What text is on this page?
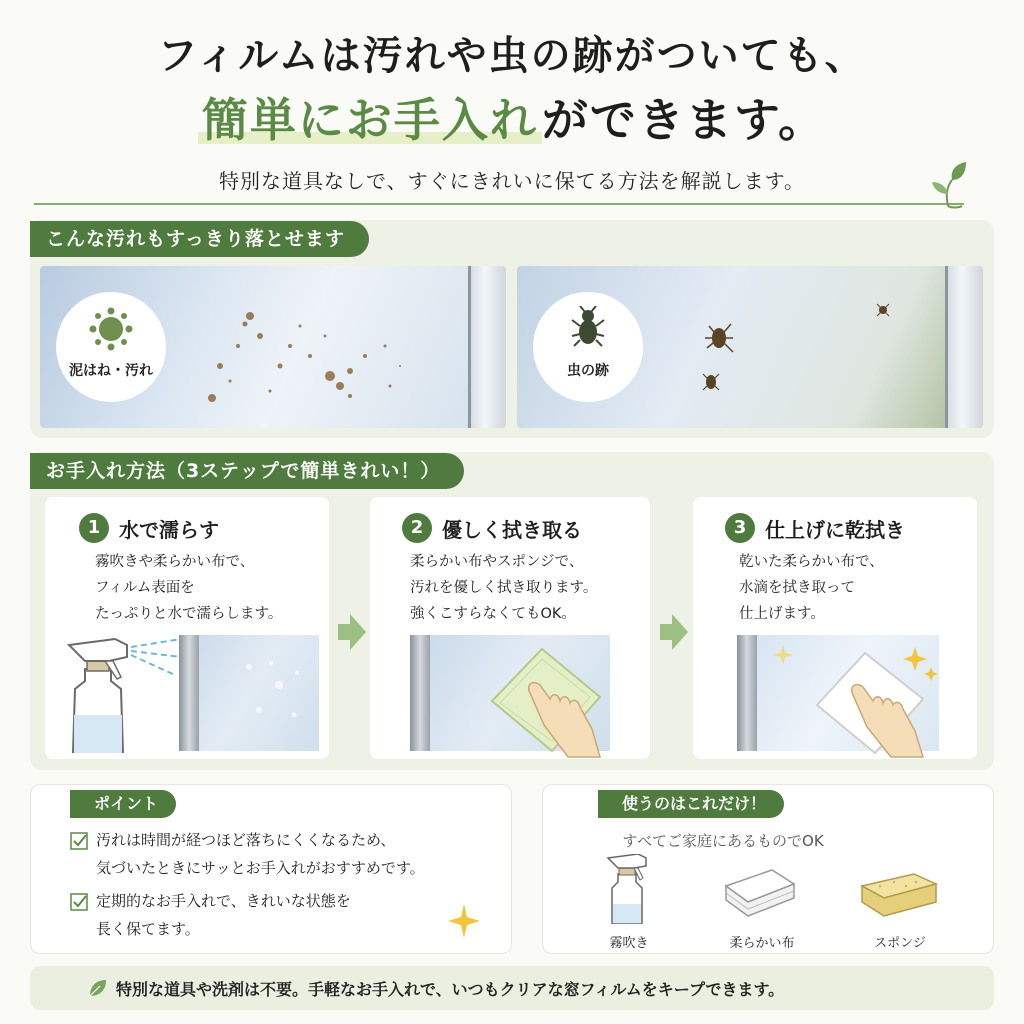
フィルムは汚れや虫の跡がついても、
簡単にお手入れができます。
特別な道具なしで、すぐにきれいに保てる方法を解説します。
こんな汚れもすっきり落とせます
泥はね・汚れ	虫の跡
お手入れ方法（3ステップで簡単きれい！）
1 水で濡らす
霧吹きや柔らかい布で、
フィルム表面を
たっぷりと水で濡らします。
2 優しく拭き取る
柔らかい布やスポンジで、
汚れを優しく拭き取ります。
強くこすらなくてもOK。
3 仕上げに乾拭き
乾いた柔らかい布で、
水滴を拭き取って
仕上げます。
ポイント
汚れは時間が経つほど落ちにくくなるため、
気づいたときにサッとお手入れがおすすめです。
定期的なお手入れで、きれいな状態を
長く保てます。
使うのはこれだけ！
すべてご家庭にあるものでOK
霧吹き	柔らかい布	スポンジ
特別な道具や洗剤は不要。手軽なお手入れで、いつもクリアな窓フィルムをキープできます。
